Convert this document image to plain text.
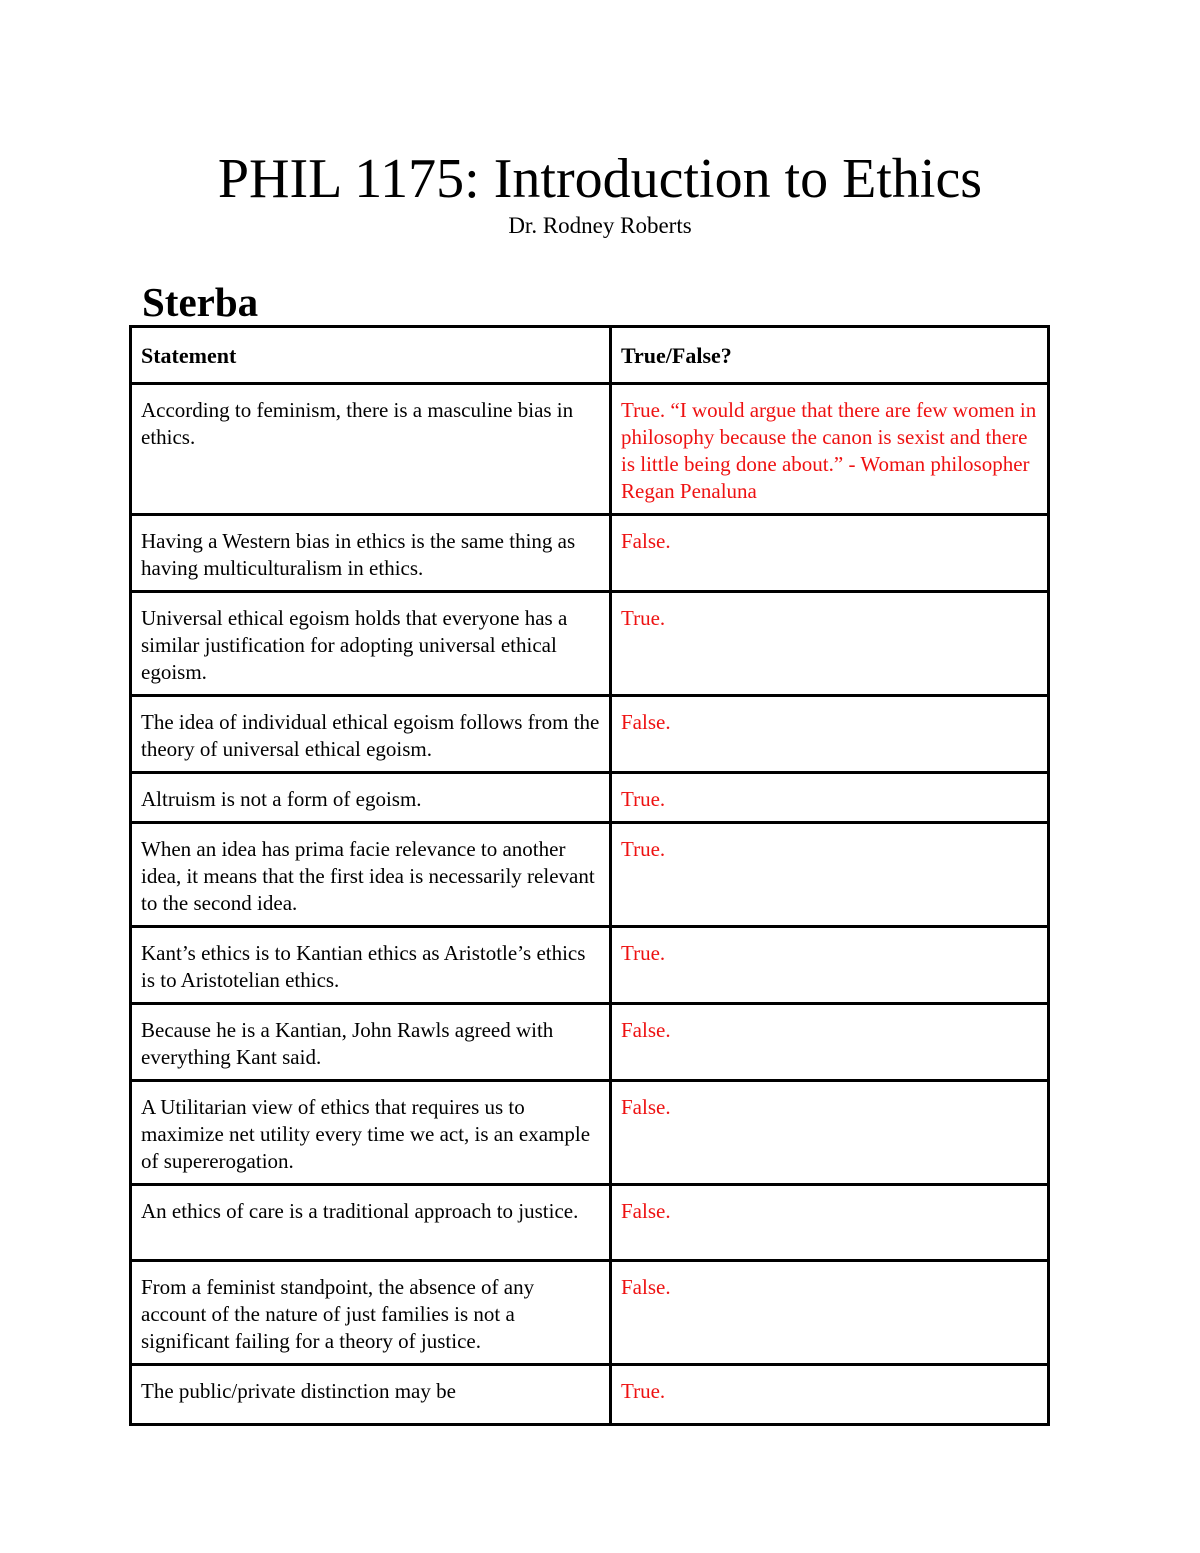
PHIL 1175: Introduction to Ethics

Dr. Rodney Roberts

Sterba
Statement	True/False?
According to feminism, there is a masculine bias in ethics.	True. “I would argue that there are few women in philosophy because the canon is sexist and there is little being done about.” - Woman philosopher Regan Penaluna
Having a Western bias in ethics is the same thing as having multiculturalism in ethics.	False.
Universal ethical egoism holds that everyone has a similar justification for adopting universal ethical egoism.	True.
The idea of individual ethical egoism follows from the theory of universal ethical egoism.	False.
Altruism is not a form of egoism.	True.
When an idea has prima facie relevance to another idea, it means that the first idea is necessarily relevant to the second idea.	True.
Kant’s ethics is to Kantian ethics as Aristotle’s ethics is to Aristotelian ethics.	True.
Because he is a Kantian, John Rawls agreed with everything Kant said.	False.
A Utilitarian view of ethics that requires us to maximize net utility every time we act, is an example of supererogation.	False.
An ethics of care is a traditional approach to justice.	False.
From a feminist standpoint, the absence of any account of the nature of just families is not a significant failing for a theory of justice.	False.
The public/private distinction may be	True.
